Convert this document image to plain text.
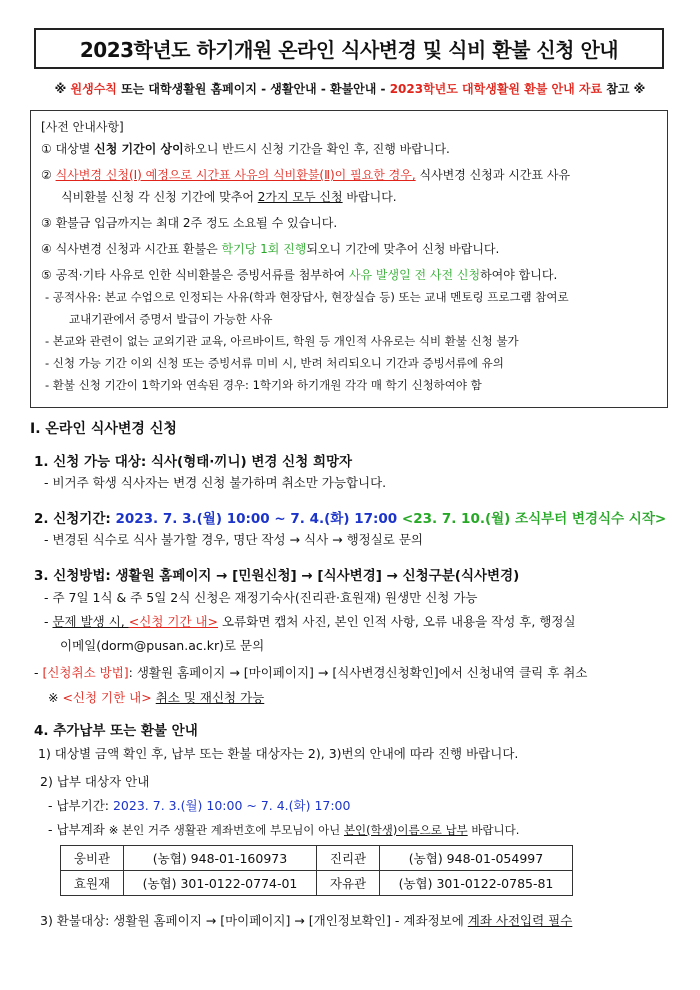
2023학년도 하기개원 온라인 식사변경 및 식비 환불 신청 안내
※ 원생수칙 또는 대학생활원 홈페이지 - 생활안내 - 환불안내 - 2023학년도 대학생활원 환불 안내 자료 참고 ※

[사전 안내사항]

① 대상별 신청 기간이 상이하오니 반드시 신청 기간을 확인 후, 진행 바랍니다.

② 식사변경 신청(Ⅰ) 예정으로 시간표 사유의 식비환불(Ⅱ)이 필요한 경우, 식사변경 신청과 시간표 사유

식비환불 신청 각 신청 기간에 맞추어 2가지 모두 신청 바랍니다.

③ 환불금 입금까지는 최대 2주 정도 소요될 수 있습니다.

④ 식사변경 신청과 시간표 환불은 학기당 1회 진행되오니 기간에 맞추어 신청 바랍니다.

⑤ 공적·기타 사유로 인한 식비환불은 증빙서류를 첨부하여 사유 발생일 전 사전 신청하여야 합니다.

- 공적사유: 본교 수업으로 인정되는 사유(학과 현장답사, 현장실습 등) 또는 교내 멘토링 프로그램 참여로

교내기관에서 증명서 발급이 가능한 사유

- 본교와 관련이 없는 교외기관 교육, 아르바이트, 학원 등 개인적 사유로는 식비 환불 신청 불가

- 신청 가능 기간 이외 신청 또는 증빙서류 미비 시, 반려 처리되오니 기간과 증빙서류에 유의

- 환불 신청 기간이 1학기와 연속된 경우: 1학기와 하기개원 각각 매 학기 신청하여야 함

Ⅰ. 온라인 식사변경 신청
1. 신청 가능 대상: 식사(형태·끼니) 변경 신청 희망자
- 비거주 학생 식사자는 변경 신청 불가하며 취소만 가능합니다.
2. 신청기간: 2023. 7. 3.(월) 10:00 ~ 7. 4.(화) 17:00 <23. 7. 10.(월) 조식부터 변경식수 시작>
- 변경된 식수로 식사 불가할 경우, 명단 작성 → 식사 → 행정실로 문의
3. 신청방법: 생활원 홈페이지 → [민원신청] → [식사변경] → 신청구분(식사변경)
- 주 7일 1식 & 주 5일 2식 신청은 재정기숙사(진리관·효원재) 원생만 신청 가능
- 문제 발생 시, <신청 기간 내> 오류화면 캡처 사진, 본인 인적 사항, 오류 내용을 작성 후, 행정실
이메일(dorm@pusan.ac.kr)로 문의
- [신청취소 방법]: 생활원 홈페이지 → [마이페이지] → [식사변경신청확인]에서 신청내역 클릭 후 취소
※ <신청 기한 내> 취소 및 재신청 가능
4. 추가납부 또는 환불 안내
1) 대상별 금액 확인 후, 납부 또는 환불 대상자는 2), 3)번의 안내에 따라 진행 바랍니다.
2) 납부 대상자 안내
- 납부기간: 2023. 7. 3.(월) 10:00 ~ 7. 4.(화) 17:00
- 납부계좌 ※ 본인 거주 생활관 계좌번호에 부모님이 아닌 본인(학생)이름으로 납부 바랍니다.
웅비관	(농협) 948-01-160973	진리관	(농협) 948-01-054997
효원재	(농협) 301-0122-0774-01	자유관	(농협) 301-0122-0785-81
3) 환불대상: 생활원 홈페이지 → [마이페이지] → [개인정보확인] - 계좌정보에 계좌 사전입력 필수
